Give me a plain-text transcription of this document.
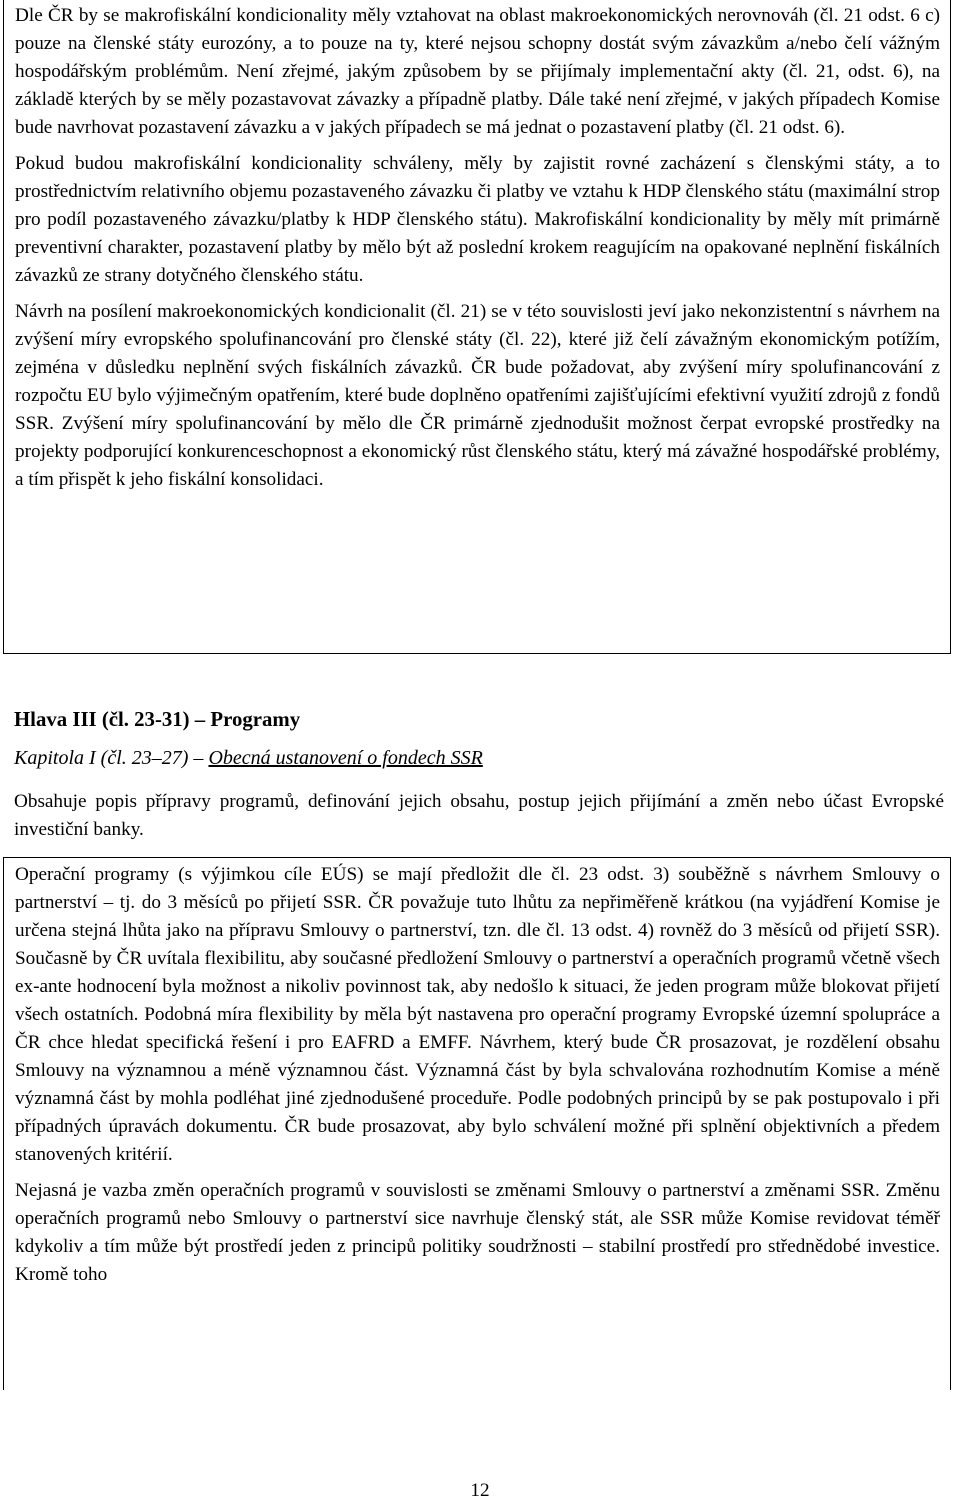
Dle ČR by se makrofiskální kondicionality měly vztahovat na oblast makroekonomických nerovnováh (čl. 21 odst. 6 c) pouze na členské státy eurozóny, a to pouze na ty, které nejsou schopny dostát svým závazkům a/nebo čelí vážným hospodářským problémům. Není zřejmé, jakým způsobem by se přijímaly implementační akty (čl. 21, odst. 6), na základě kterých by se měly pozastavovat závazky a případně platby. Dále také není zřejmé, v jakých případech Komise bude navrhovat pozastavení závazku a v jakých případech se má jednat o pozastavení platby (čl. 21 odst. 6).

Pokud budou makrofiskální kondicionality schváleny, měly by zajistit rovné zacházení s členskými státy, a to prostřednictvím relativního objemu pozastaveného závazku či platby ve vztahu k HDP členského státu (maximální strop pro podíl pozastaveného závazku/platby k HDP členského státu). Makrofiskální kondicionality by měly mít primárně preventivní charakter, pozastavení platby by mělo být až poslední krokem reagujícím na opakované neplnění fiskálních závazků ze strany dotyčného členského státu.

Návrh na posílení makroekonomických kondicionalit (čl. 21) se v této souvislosti jeví jako nekonzistentní s návrhem na zvýšení míry evropského spolufinancování pro členské státy (čl. 22), které již čelí závažným ekonomickým potížím, zejména v důsledku neplnění svých fiskálních závazků. ČR bude požadovat, aby zvýšení míry spolufinancování z rozpočtu EU bylo výjimečným opatřením, které bude doplněno opatřeními zajišťujícími efektivní využití zdrojů z fondů SSR. Zvýšení míry spolufinancování by mělo dle ČR primárně zjednodušit možnost čerpat evropské prostředky na projekty podporující konkurenceschopnost a ekonomický růst členského státu, který má závažné hospodářské problémy, a tím přispět k jeho fiskální konsolidaci.

Hlava III (čl. 23-31) – Programy

Kapitola I (čl. 23–27) – Obecná ustanovení o fondech SSR

Obsahuje popis přípravy programů, definování jejich obsahu, postup jejich přijímání a změn nebo účast Evropské investiční banky.

Operační programy (s výjimkou cíle EÚS) se mají předložit dle čl. 23 odst. 3) souběžně s návrhem Smlouvy o partnerství – tj. do 3 měsíců po přijetí SSR. ČR považuje tuto lhůtu za nepřiměřeně krátkou (na vyjádření Komise je určena stejná lhůta jako na přípravu Smlouvy o partnerství, tzn. dle čl. 13 odst. 4) rovněž do 3 měsíců od přijetí SSR). Současně by ČR uvítala flexibilitu, aby současné předložení Smlouvy o partnerství a operačních programů včetně všech ex-ante hodnocení byla možnost a nikoliv povinnost tak, aby nedošlo k situaci, že jeden program může blokovat přijetí všech ostatních. Podobná míra flexibility by měla být nastavena pro operační programy Evropské územní spolupráce a ČR chce hledat specifická řešení i pro EAFRD a EMFF. Návrhem, který bude ČR prosazovat, je rozdělení obsahu Smlouvy na významnou a méně významnou část. Významná část by byla schvalována rozhodnutím Komise a méně významná část by mohla podléhat jiné zjednodušené proceduře. Podle podobných principů by se pak postupovalo i při případných úpravách dokumentu. ČR bude prosazovat, aby bylo schválení možné při splnění objektivních a předem stanovených kritérií.

Nejasná je vazba změn operačních programů v souvislosti se změnami Smlouvy o partnerství a změnami SSR. Změnu operačních programů nebo Smlouvy o partnerství sice navrhuje členský stát, ale SSR může Komise revidovat téměř kdykoliv a tím může být prostředí jeden z principů politiky soudržnosti – stabilní prostředí pro střednědobé investice. Kromě toho

12
